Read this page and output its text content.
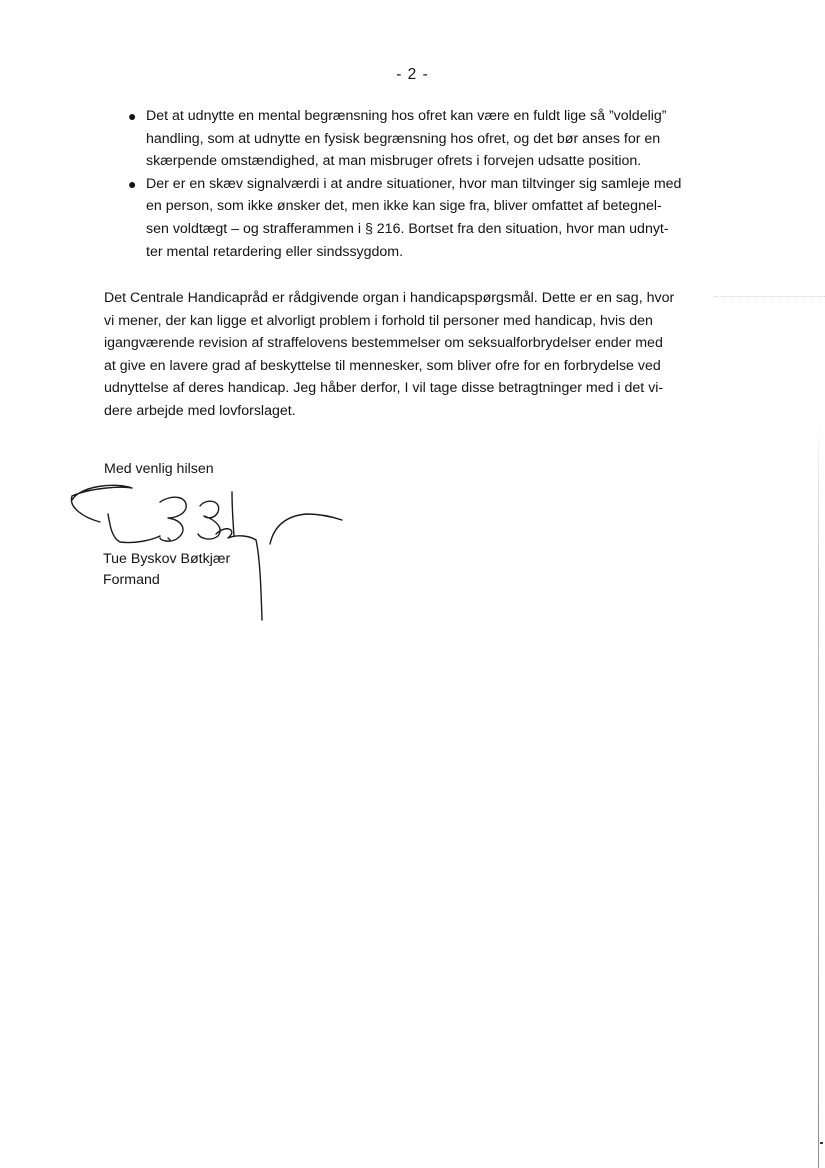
- 2 -
● Det at udnytte en mental begrænsning hos ofret kan være en fuldt lige så ”voldelig”
handling, som at udnytte en fysisk begrænsning hos ofret, og det bør anses for en
skærpende omstændighed, at man misbruger ofrets i forvejen udsatte position.
● Der er en skæv signalværdi i at andre situationer, hvor man tiltvinger sig samleje med
en person, som ikke ønsker det, men ikke kan sige fra, bliver omfattet af betegnel-
sen voldtægt – og strafferammen i § 216. Bortset fra den situation, hvor man udnyt-
ter mental retardering eller sindssygdom.

Det Centrale Handicapråd er rådgivende organ i handicapspørgsmål. Dette er en sag, hvor
vi mener, der kan ligge et alvorligt problem i forhold til personer med handicap, hvis den
igangværende revision af straffelovens bestemmelser om seksualforbrydelser ender med
at give en lavere grad af beskyttelse til mennesker, som bliver ofre for en forbrydelse ved
udnyttelse af deres handicap. Jeg håber derfor, I vil tage disse betragtninger med i det vi-
dere arbejde med lovforslaget.

Med venlig hilsen
Tue Byskov Bøtkjær
Formand
